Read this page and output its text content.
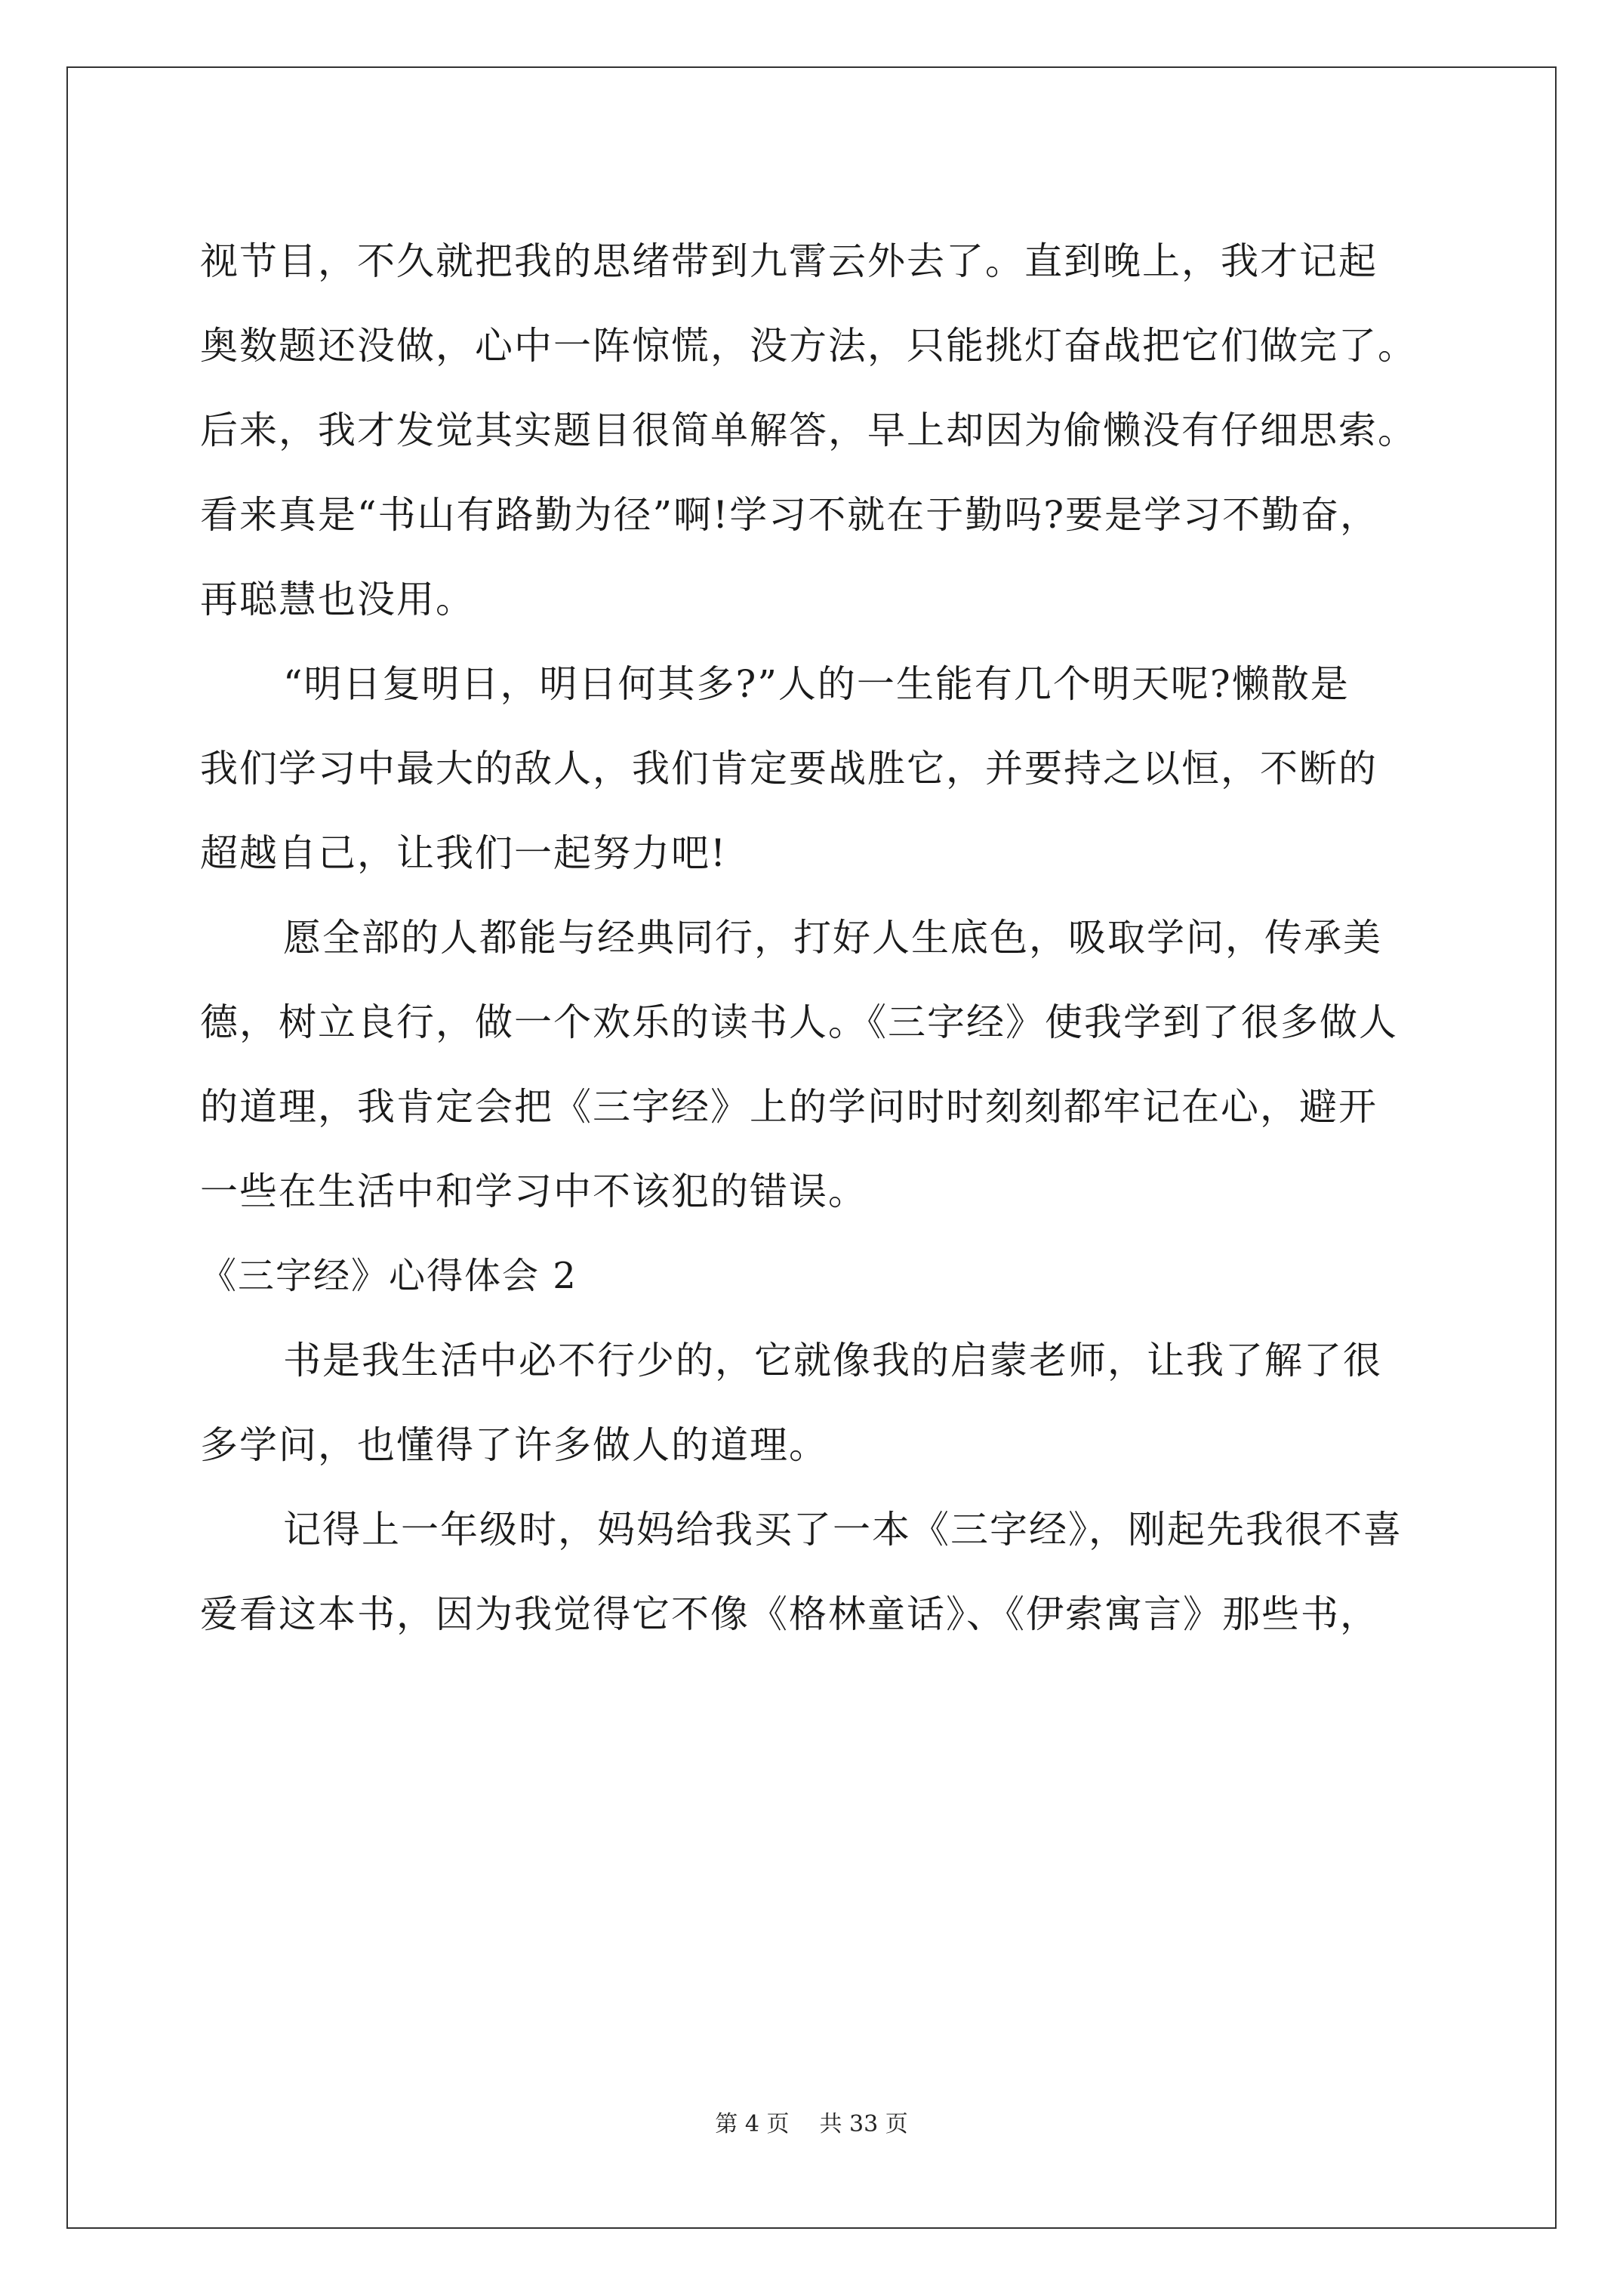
视节目，不久就把我的思绪带到九霄云外去了。直到晚上，我才记起
奥数题还没做，心中一阵惊慌，没方法，只能挑灯奋战把它们做完了。
后来，我才发觉其实题目很简单解答，早上却因为偷懒没有仔细思索。
看来真是“书山有路勤为径”啊!学习不就在于勤吗?要是学习不勤奋，
再聪慧也没用。
“明日复明日，明日何其多?”人的一生能有几个明天呢?懒散是
我们学习中最大的敌人，我们肯定要战胜它，并要持之以恒，不断的
超越自己，让我们一起努力吧!
愿全部的人都能与经典同行，打好人生底色，吸取学问，传承美
德，树立良行，做一个欢乐的读书人。《三字经》使我学到了很多做人
的道理，我肯定会把《三字经》上的学问时时刻刻都牢记在心，避开
一些在生活中和学习中不该犯的错误。
《三字经》心得体会 2
书是我生活中必不行少的，它就像我的启蒙老师，让我了解了很
多学问，也懂得了许多做人的道理。
记得上一年级时，妈妈给我买了一本《三字经》，刚起先我很不喜
爱看这本书，因为我觉得它不像《格林童话》、《伊索寓言》那些书，
第 4 页 共 33 页
